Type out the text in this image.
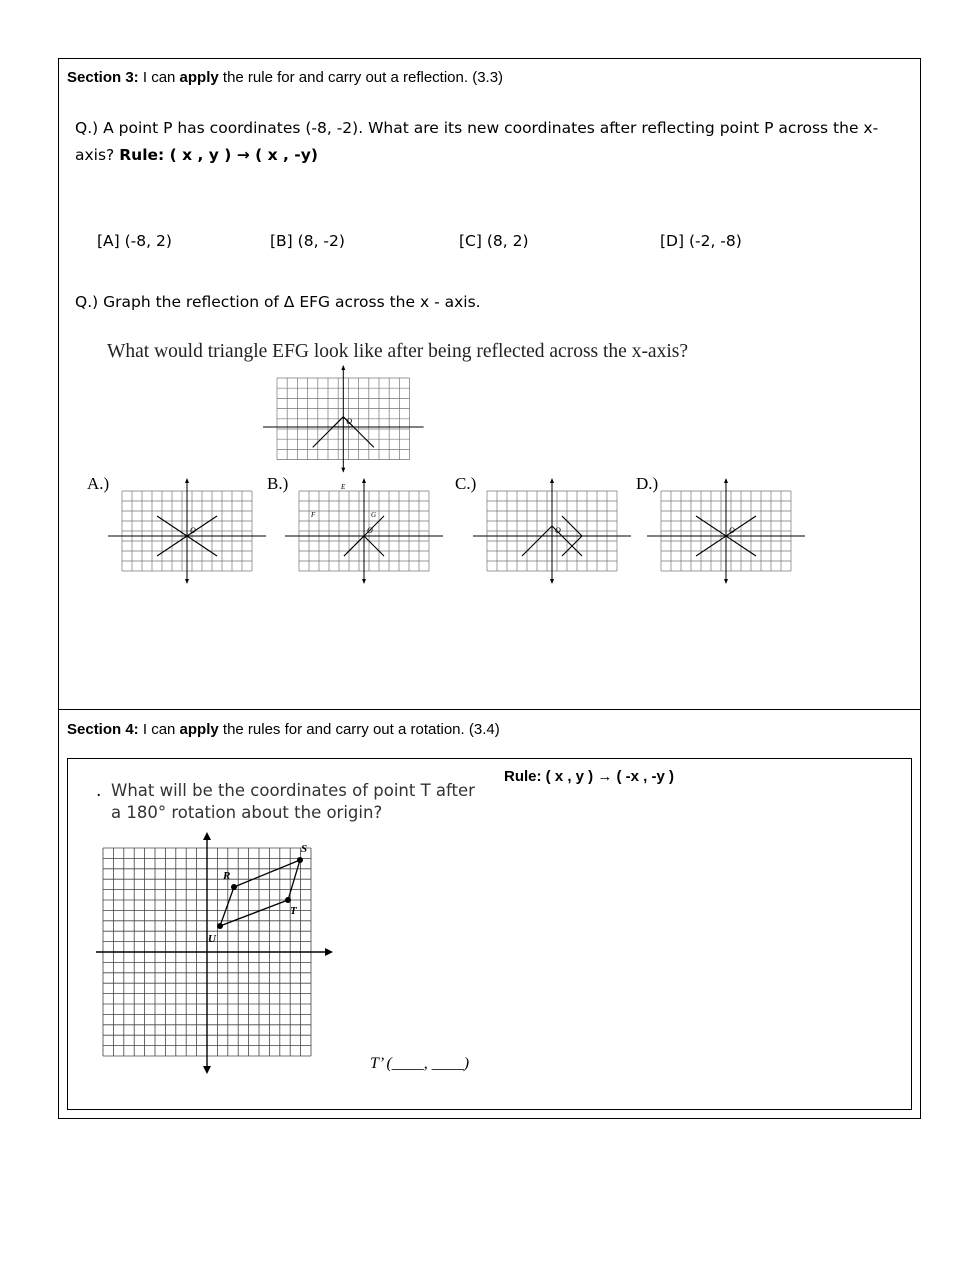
Section 3: I can apply the rule for and carry out a reflection. (3.3)
Q.) A point P has coordinates (-8, -2). What are its new coordinates after reflecting point P across the x-axis? Rule: ( x , y ) → ( x , -y)
[A] (-8, 2)	[B] (8, -2)	[C] (8, 2)	[D] (-2, -8)
Q.) Graph the reflection of Δ EFG across the x - axis.
What would triangle EFG look like after being reflected across the x-axis?
O
F	G
E
O
A.)
O
B.)
O
C.)
O
D.)
Section 4: I can apply the rules for and carry out a rotation. (3.4)
Rule: ( x , y ) → ( -x , -y )
. What will be the coordinates of point T after
a 180° rotation about the origin?
T’ (____, ____)
R
S
T
U
